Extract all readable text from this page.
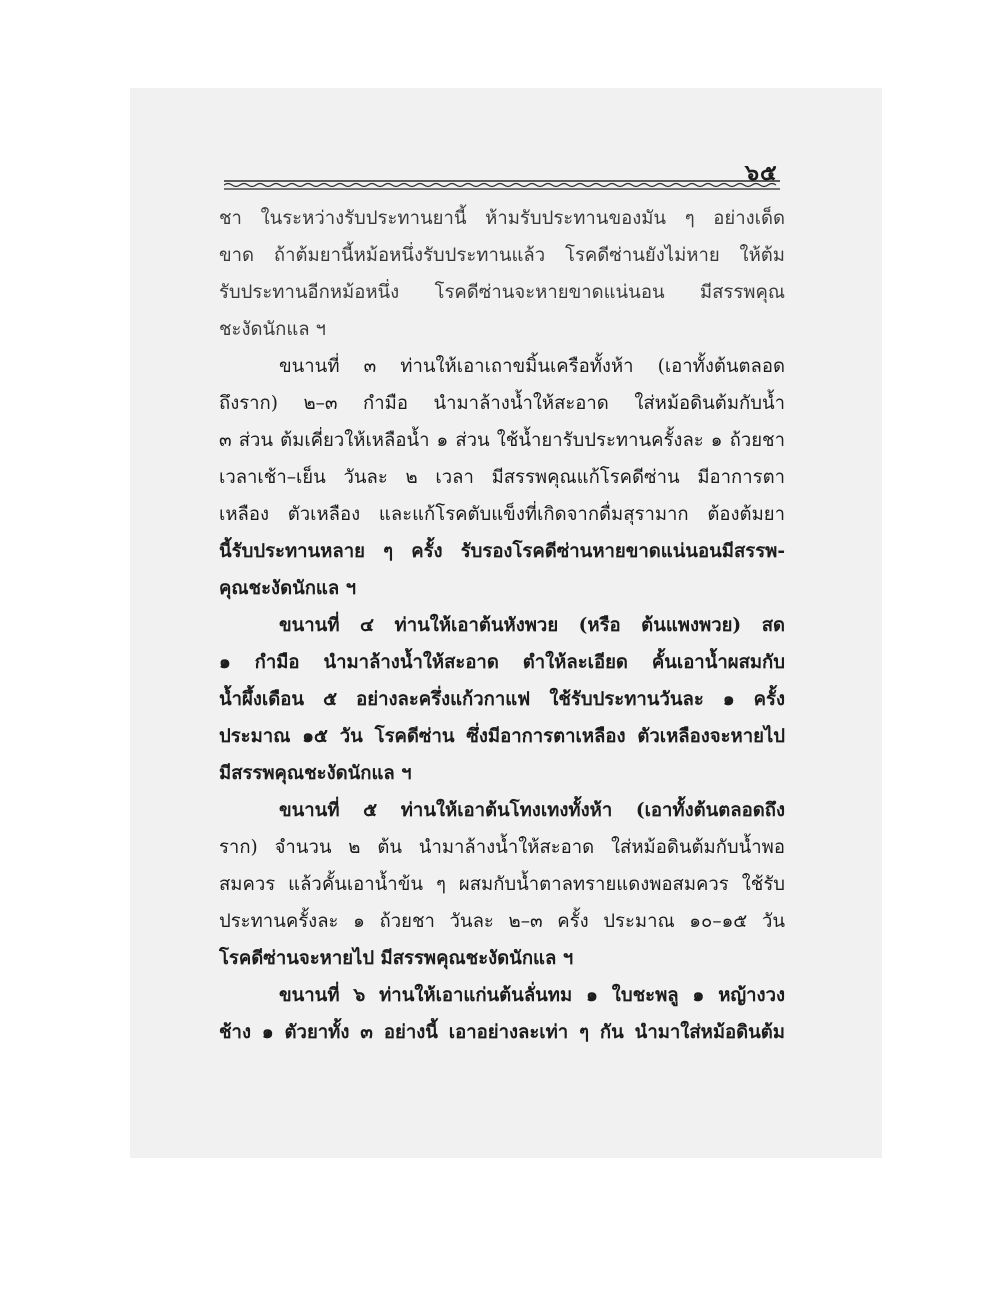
๖๕
ชา ในระหว่างรับประทานยานี้ ห้ามรับประทานของมัน ๆ อย่างเด็ด
ขาด ถ้าต้มยานี้หม้อหนึ่งรับประทานแล้ว โรคดีซ่านยังไม่หาย ให้ต้ม
รับประทานอีกหม้อหนึ่ง โรคดีซ่านจะหายขาดแน่นอน มีสรรพคุณ
ชะงัดนักแล ฯ
ขนานที่ ๓ ท่านให้เอาเถาขมิ้นเครือทั้งห้า (เอาทั้งต้นตลอด
ถึงราก) ๒–๓ กำมือ นำมาล้างน้ำให้สะอาด ใส่หม้อดินต้มกับน้ำ
๓ ส่วน ต้มเคี่ยวให้เหลือน้ำ ๑ ส่วน ใช้น้ำยารับประทานครั้งละ ๑ ถ้วยชา
เวลาเช้า–เย็น วันละ ๒ เวลา มีสรรพคุณแก้โรคดีซ่าน มีอาการตา
เหลือง ตัวเหลือง และแก้โรคตับแข็งที่เกิดจากดื่มสุรามาก ต้องต้มยา
นี้รับประทานหลาย ๆ ครั้ง รับรองโรคดีซ่านหายขาดแน่นอนมีสรรพ-
คุณชะงัดนักแล ฯ
ขนานที่ ๔ ท่านให้เอาต้นหังพวย (หรือ ต้นแพงพวย) สด
๑ กำมือ นำมาล้างน้ำให้สะอาด ตำให้ละเอียด คั้นเอาน้ำผสมกับ
น้ำผึ้งเดือน ๕ อย่างละครึ่งแก้วกาแฟ ใช้รับประทานวันละ ๑ ครั้ง
ประมาณ ๑๕ วัน โรคดีซ่าน ซึ่งมีอาการตาเหลือง ตัวเหลืองจะหายไป
มีสรรพคุณชะงัดนักแล ฯ
ขนานที่ ๕ ท่านให้เอาต้นโทงเทงทั้งห้า (เอาทั้งต้นตลอดถึง
ราก) จำนวน ๒ ต้น นำมาล้างน้ำให้สะอาด ใส่หม้อดินต้มกับน้ำพอ
สมควร แล้วคั้นเอาน้ำข้น ๆ ผสมกับน้ำตาลทรายแดงพอสมควร ใช้รับ
ประทานครั้งละ ๑ ถ้วยชา วันละ ๒–๓ ครั้ง ประมาณ ๑๐–๑๕ วัน
โรคดีซ่านจะหายไป มีสรรพคุณชะงัดนักแล ฯ
ขนานที่ ๖ ท่านให้เอาแก่นต้นลั่นทม ๑ ใบชะพลู ๑ หญ้างวง
ช้าง ๑ ตัวยาทั้ง ๓ อย่างนี้ เอาอย่างละเท่า ๆ กัน นำมาใส่หม้อดินต้ม
